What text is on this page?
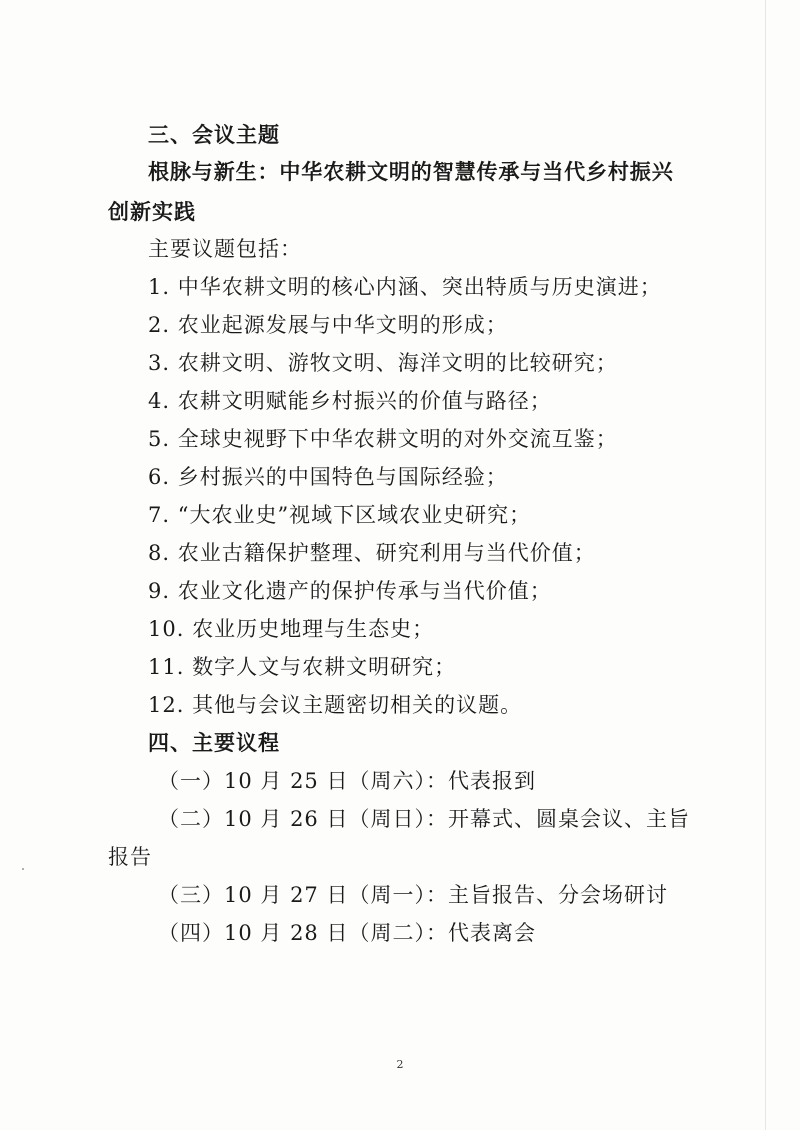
三、会议主题
根脉与新生：中华农耕文明的智慧传承与当代乡村振兴
创新实践
主要议题包括：
1. 中华农耕文明的核心内涵、突出特质与历史演进；
2. 农业起源发展与中华文明的形成；
3. 农耕文明、游牧文明、海洋文明的比较研究；
4. 农耕文明赋能乡村振兴的价值与路径；
5. 全球史视野下中华农耕文明的对外交流互鉴；
6. 乡村振兴的中国特色与国际经验；
7. “大农业史”视域下区域农业史研究；
8. 农业古籍保护整理、研究利用与当代价值；
9. 农业文化遗产的保护传承与当代价值；
10. 农业历史地理与生态史；
11. 数字人文与农耕文明研究；
12. 其他与会议主题密切相关的议题。
四、主要议程
（一）10 月 25 日（周六）：代表报到
（二）10 月 26 日（周日）：开幕式、圆桌会议、主旨
报告
（三）10 月 27 日（周一）：主旨报告、分会场研讨
（四）10 月 28 日（周二）：代表离会
2
